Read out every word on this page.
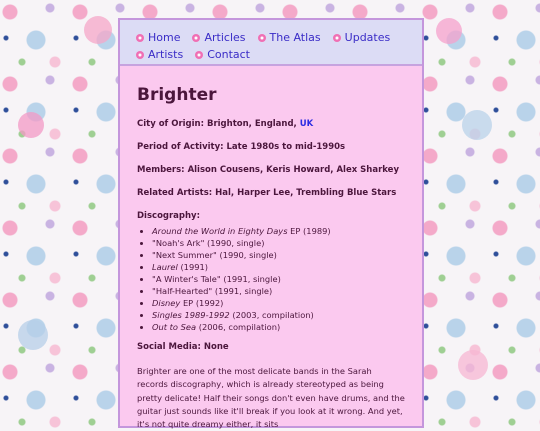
Home Articles The Atlas Updates
Artists Contact
Brighter
City of Origin: Brighton, England, UK
Period of Activity: Late 1980s to mid-1990s
Members: Alison Cousens, Keris Howard, Alex Sharkey
Related Artists: Hal, Harper Lee, Trembling Blue Stars
Discography:
• Around the World in Eighty Days EP (1989)
• "Noah's Ark" (1990, single)
• "Next Summer" (1990, single)
• Laurel (1991)
• "A Winter's Tale" (1991, single)
• "Half-Hearted" (1991, single)
• Disney EP (1992)
• Singles 1989-1992 (2003, compilation)
• Out to Sea (2006, compilation)
Social Media: None
Brighter are one of the most delicate bands in the Sarah records discography, which is already stereotyped as being pretty delicate! Half their songs don't even have drums, and the guitar just sounds like it'll break if you look at it wrong. And yet, it's not quite dreamy either, it sits
